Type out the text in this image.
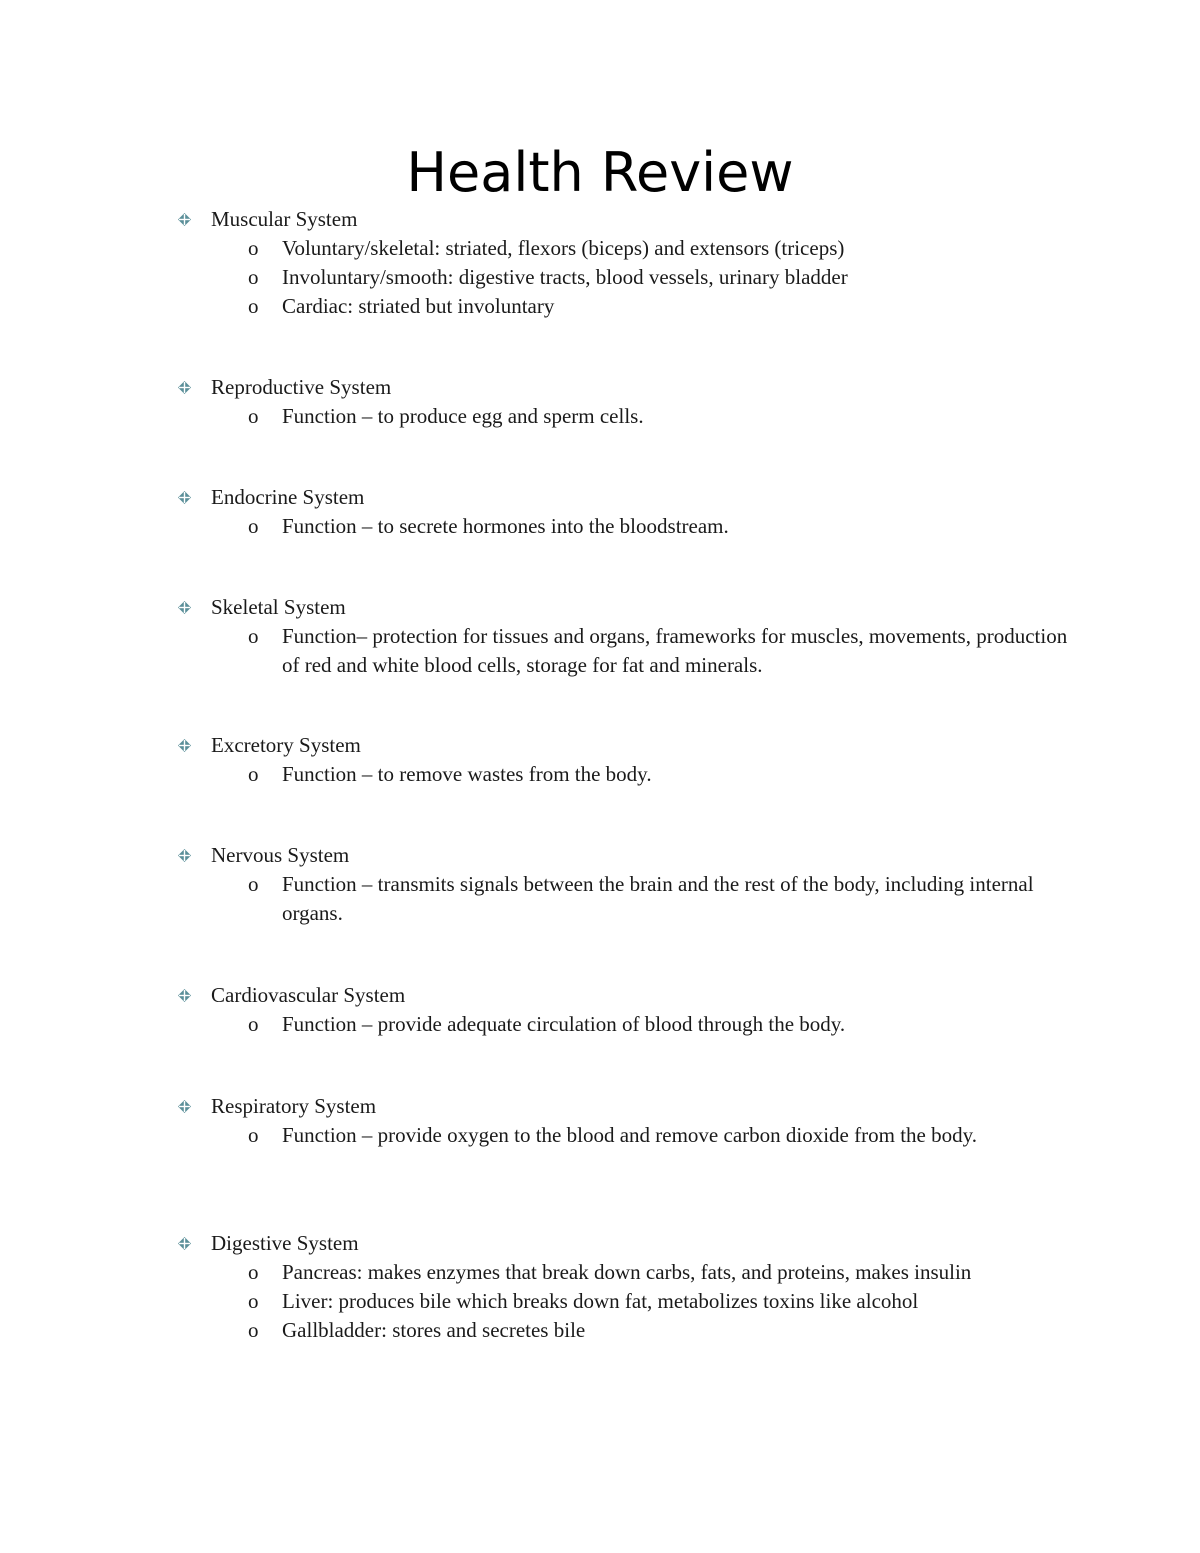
Health Review
Muscular System
o Voluntary/skeletal: striated, flexors (biceps) and extensors (triceps)
o Involuntary/smooth: digestive tracts, blood vessels, urinary bladder
o Cardiac: striated but involuntary
Reproductive System
o Function – to produce egg and sperm cells.
Endocrine System
o Function – to secrete hormones into the bloodstream.
Skeletal System
o Function– protection for tissues and organs, frameworks for muscles, movements, production of red and white blood cells, storage for fat and minerals.
Excretory System
o Function – to remove wastes from the body.
Nervous System
o Function – transmits signals between the brain and the rest of the body, including internal organs.
Cardiovascular System
o Function – provide adequate circulation of blood through the body.
Respiratory System
o Function – provide oxygen to the blood and remove carbon dioxide from the body.
Digestive System
o Pancreas: makes enzymes that break down carbs, fats, and proteins, makes insulin
o Liver: produces bile which breaks down fat, metabolizes toxins like alcohol
o Gallbladder: stores and secretes bile
